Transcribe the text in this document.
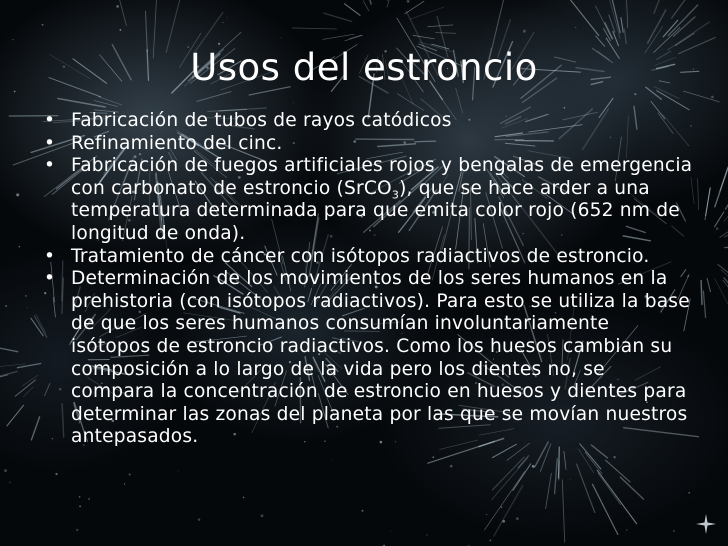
Usos del estroncio
• Fabricación de tubos de rayos catódicos
• Refinamiento del cinc.
• Fabricación de fuegos artificiales rojos y bengalas de emergencia con carbonato de estroncio (SrCO$_3$), que se hace arder a una temperatura determinada para que emita color rojo (652 nm de longitud de onda).
• Tratamiento de cáncer con isótopos radiactivos de estroncio.
• Determinación de los movimientos de los seres humanos en la prehistoria (con isótopos radiactivos). Para esto se utiliza la base de que los seres humanos consumían involuntariamente isótopos de estroncio radiactivos. Como los huesos cambian su composición a lo largo de la vida pero los dientes no, se compara la concentración de estroncio en huesos y dientes para determinar las zonas del planeta por las que se movían nuestros antepasados.
